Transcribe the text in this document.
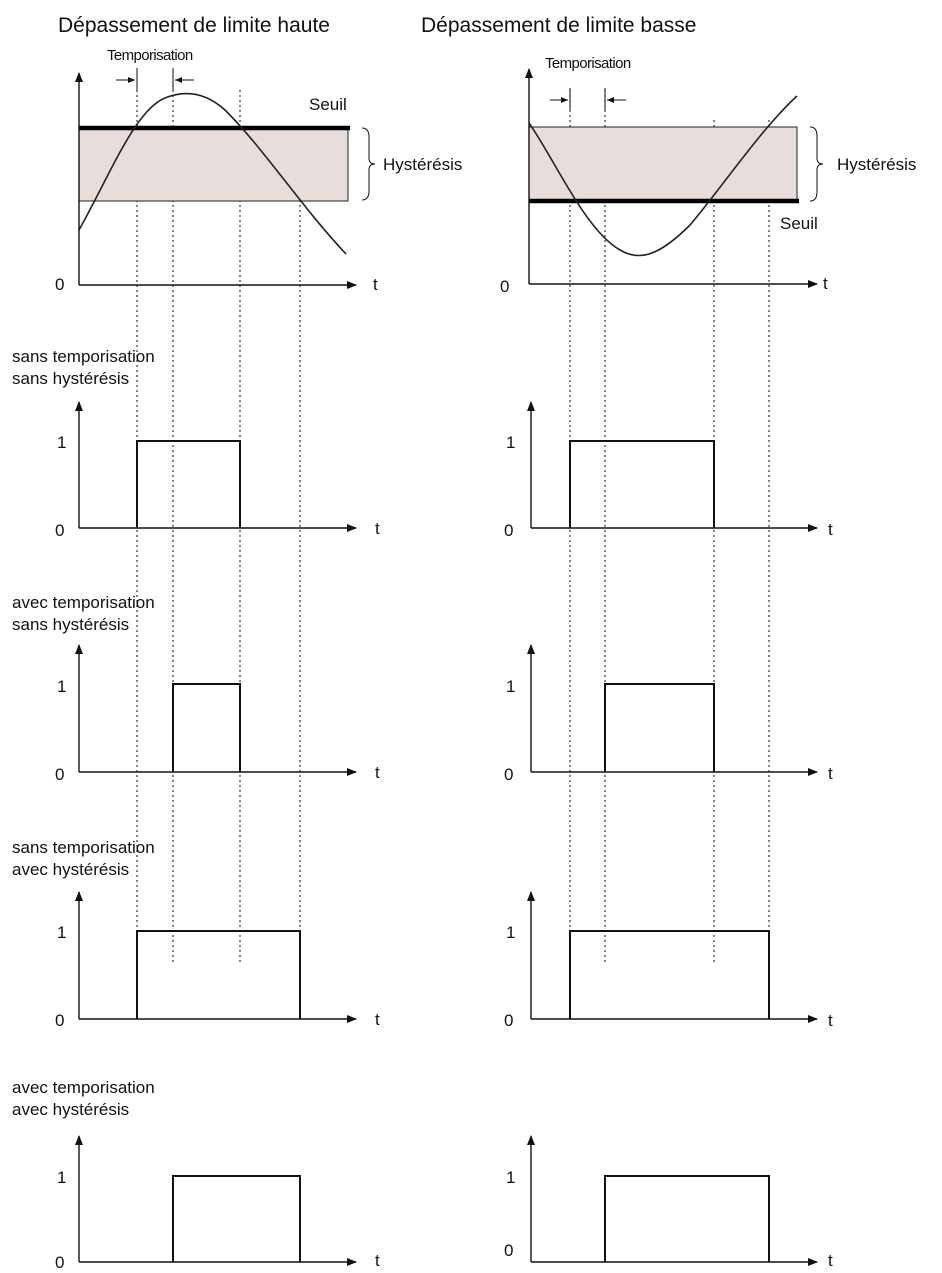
Dépassement de limite haute	Dépassement de limite basse
Temporisation
Seuil
Hystérésis
0	t
Temporisation
Seuil
Hystérésis
0	t
sans temporisation
sans hystérésis
avec temporisation
sans hystérésis
sans temporisation
avec hystérésis
avec temporisation
avec hystérésis
1
0	t
1
0	t
1
0	t
1
0	t
1
0	t
1
0	t
1
0	t
1
0
t
